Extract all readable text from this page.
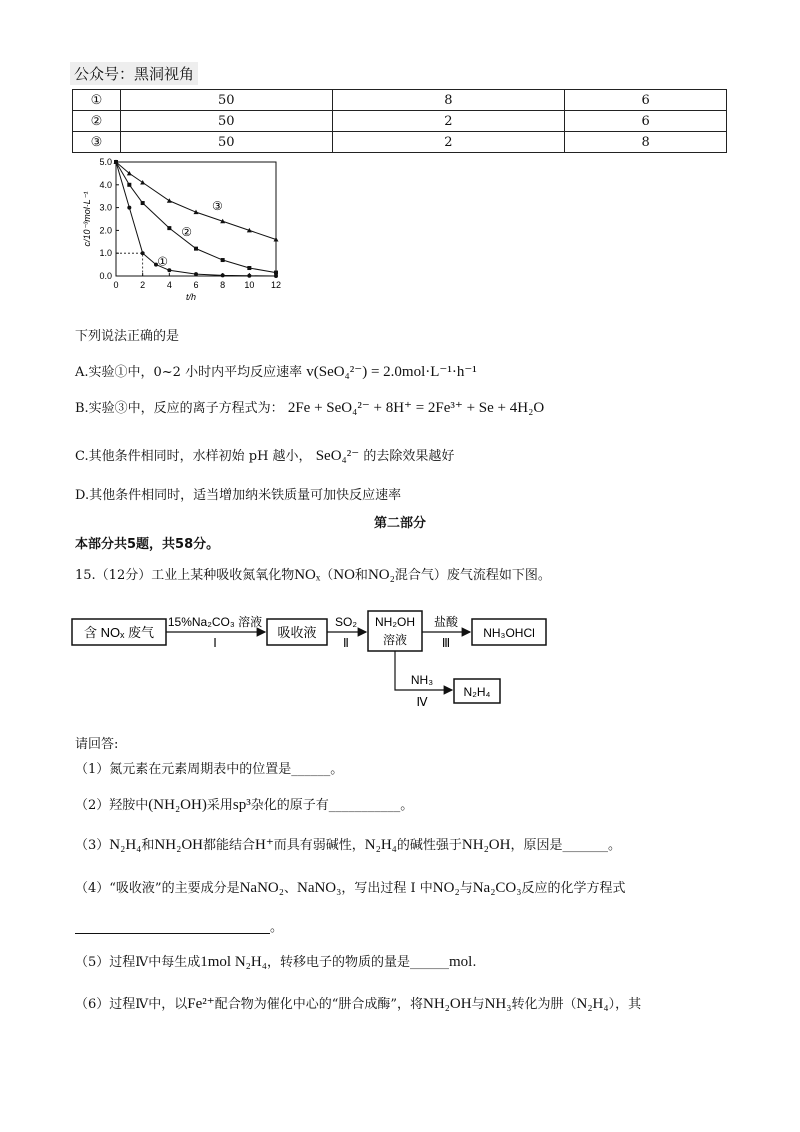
公众号：黑洞视角
①	50	8	6
②	50	2	6
③	50	2	8
0.0
1.0
2.0
3.0
4.0
5.0
0 2 4 6 8 10 12
t/h
c/10⁻³mol·L⁻¹
①
②
③
下列说法正确的是
A.实验①中，0~2 小时内平均反应速率 v(SeO₄²⁻) = 2.0mol·L⁻¹·h⁻¹
B.实验③中，反应的离子方程式为： 2Fe + SeO₄²⁻ + 8H⁺ = 2Fe³⁺ + Se + 4H₂O
C.其他条件相同时，水样初始 pH 越小， SeO₄²⁻ 的去除效果越好
D.其他条件相同时，适当增加纳米铁质量可加快反应速率
第二部分
本部分共5题，共58分。
15.（12分）工业上某种吸收氮氧化物NOₓ（NO和NO₂混合气）废气流程如下图。
含 NOₓ 废气
15%Na₂CO₃ 溶液
Ⅰ
吸收液
SO₂
Ⅱ
NH₂OH
溶液
盐酸
Ⅲ
NH₃OHCl
NH₃
Ⅳ
N₂H₄
请回答:
（1）氮元素在元素周期表中的位置是______。
（2）羟胺中(NH₂OH)采用sp³杂化的原子有___________。
（3）N₂H₄和NH₂OH都能结合H⁺而具有弱碱性，N₂H₄的碱性强于NH₂OH，原因是_______。
（4）“吸收液”的主要成分是NaNO₂、NaNO₃，写出过程 I 中NO₂与Na₂CO₃反应的化学方程式
。
（5）过程Ⅳ中每生成1mol N₂H₄，转移电子的物质的量是______mol.
（6）过程Ⅳ中，以Fe²⁺配合物为催化中心的“肼合成酶”，将NH₂OH与NH₃转化为肼（N₂H₄），其
